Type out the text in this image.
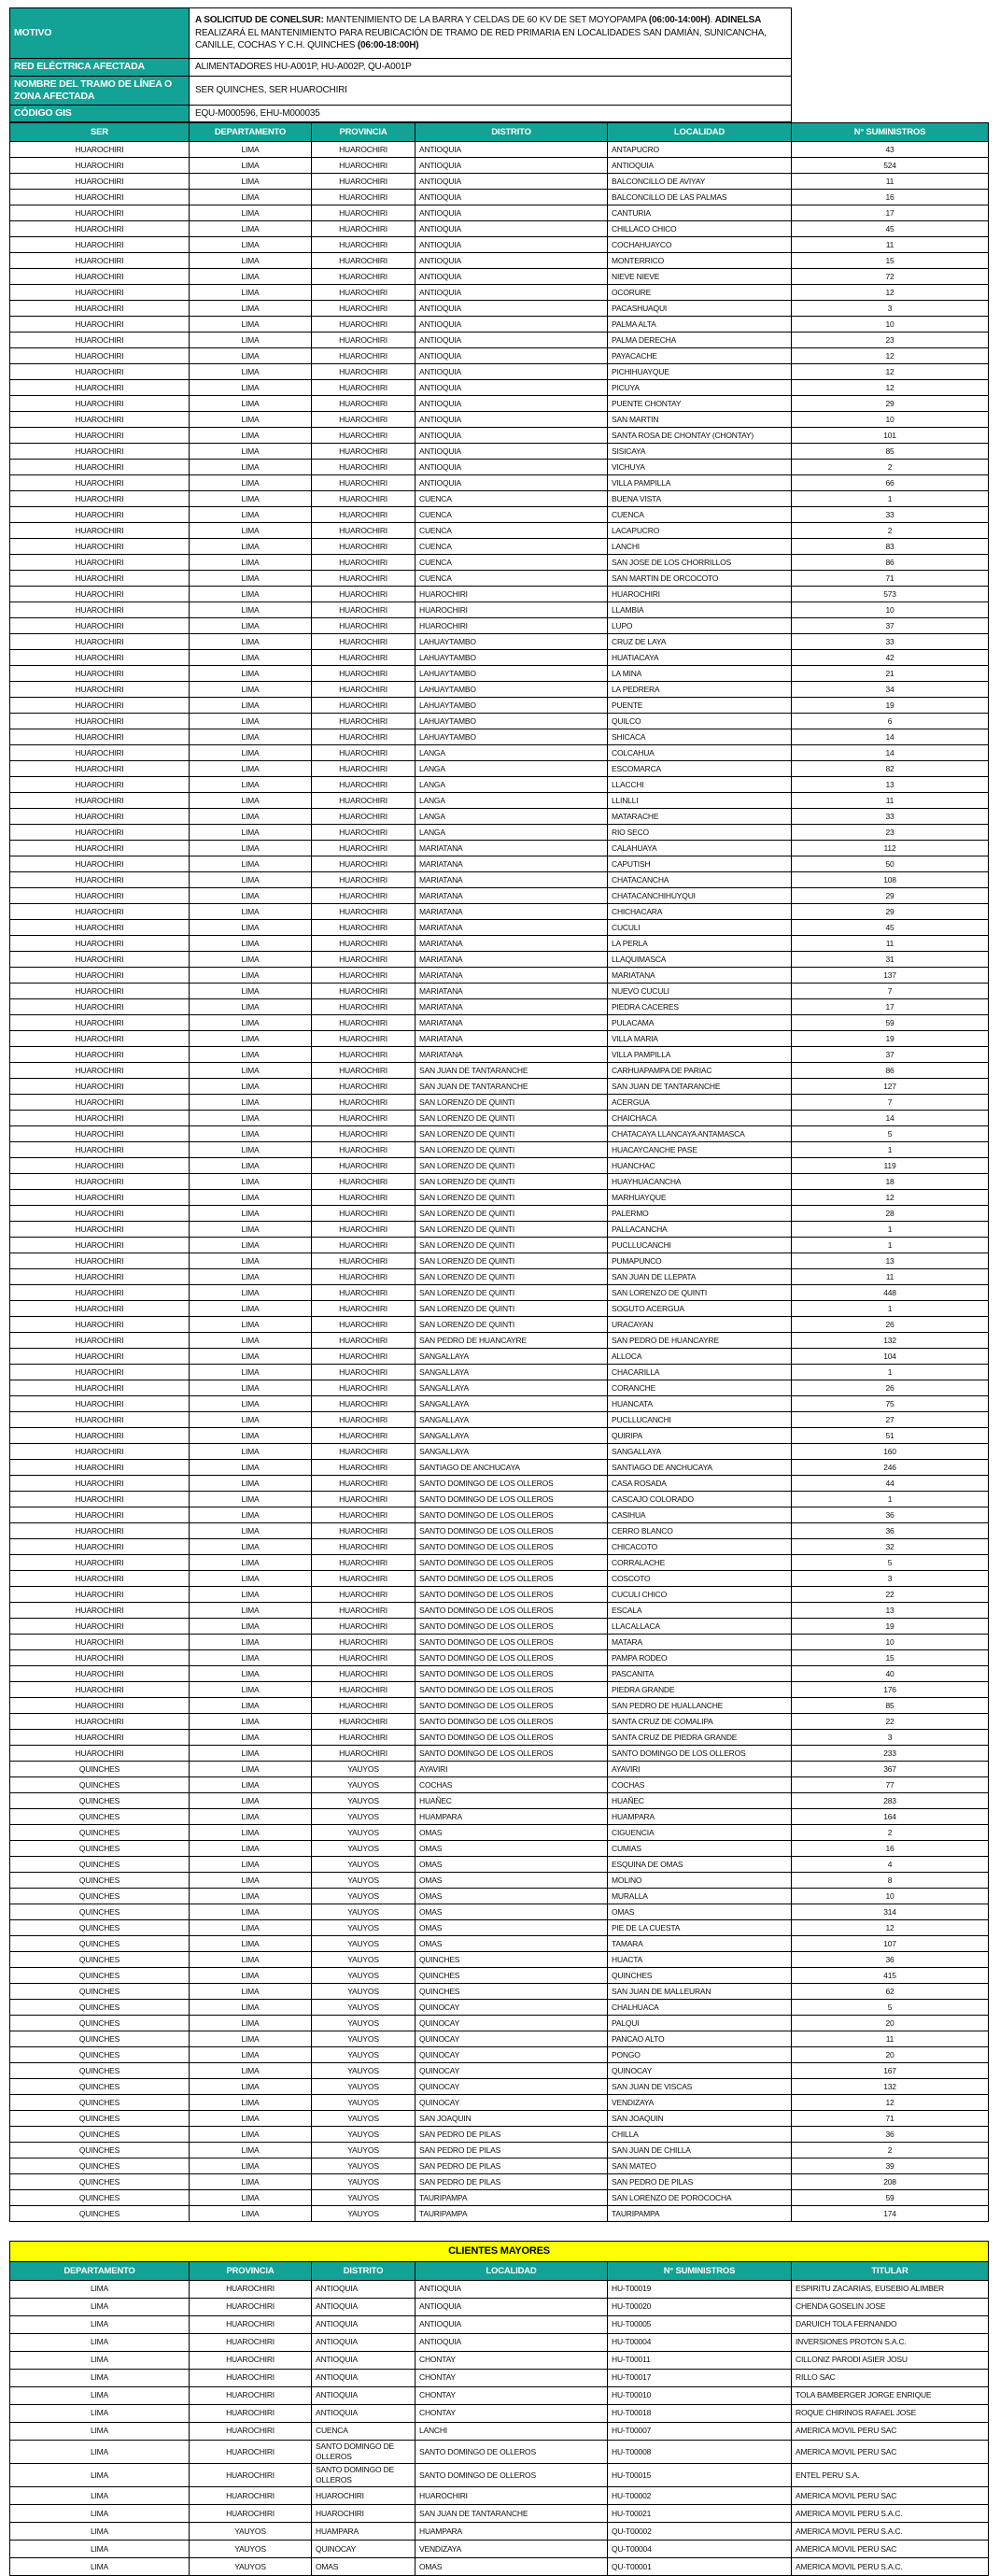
MOTIVO	A SOLICITUD DE CONELSUR: MANTENIMIENTO DE LA BARRA Y CELDAS DE 60 KV DE SET MOYOPAMPA (06:00-14:00H). ADINELSA REALIZARÁ EL MANTENIMIENTO PARA REUBICACIÓN DE TRAMO DE RED PRIMARIA EN LOCALIDADES SAN DAMIÁN, SUNICANCHA, CANILLE, COCHAS Y C.H. QUINCHES (06:00-18:00H)
RED ELÉCTRICA AFECTADA	ALIMENTADORES HU-A001P, HU-A002P, QU-A001P
NOMBRE DEL TRAMO DE LÍNEA O ZONA AFECTADA	SER QUINCHES, SER HUAROCHIRI
CÓDIGO GIS	EQU-M000596, EHU-M000035
SER	DEPARTAMENTO	PROVINCIA	DISTRITO	LOCALIDAD	N° SUMINISTROS
HUAROCHIRI	LIMA	HUAROCHIRI	ANTIOQUIA	ANTAPUCRO	43
HUAROCHIRI	LIMA	HUAROCHIRI	ANTIOQUIA	ANTIOQUIA	524
HUAROCHIRI	LIMA	HUAROCHIRI	ANTIOQUIA	BALCONCILLO DE AVIYAY	11
HUAROCHIRI	LIMA	HUAROCHIRI	ANTIOQUIA	BALCONCILLO DE LAS PALMAS	16
HUAROCHIRI	LIMA	HUAROCHIRI	ANTIOQUIA	CANTURIA	17
HUAROCHIRI	LIMA	HUAROCHIRI	ANTIOQUIA	CHILLACO CHICO	45
HUAROCHIRI	LIMA	HUAROCHIRI	ANTIOQUIA	COCHAHUAYCO	11
HUAROCHIRI	LIMA	HUAROCHIRI	ANTIOQUIA	MONTERRICO	15
HUAROCHIRI	LIMA	HUAROCHIRI	ANTIOQUIA	NIEVE NIEVE	72
HUAROCHIRI	LIMA	HUAROCHIRI	ANTIOQUIA	OCORURE	12
HUAROCHIRI	LIMA	HUAROCHIRI	ANTIOQUIA	PACASHUAQUI	3
HUAROCHIRI	LIMA	HUAROCHIRI	ANTIOQUIA	PALMA ALTA	10
HUAROCHIRI	LIMA	HUAROCHIRI	ANTIOQUIA	PALMA DERECHA	23
HUAROCHIRI	LIMA	HUAROCHIRI	ANTIOQUIA	PAYACACHE	12
HUAROCHIRI	LIMA	HUAROCHIRI	ANTIOQUIA	PICHIHUAYQUE	12
HUAROCHIRI	LIMA	HUAROCHIRI	ANTIOQUIA	PICUYA	12
HUAROCHIRI	LIMA	HUAROCHIRI	ANTIOQUIA	PUENTE CHONTAY	29
HUAROCHIRI	LIMA	HUAROCHIRI	ANTIOQUIA	SAN MARTIN	10
HUAROCHIRI	LIMA	HUAROCHIRI	ANTIOQUIA	SANTA ROSA DE CHONTAY (CHONTAY)	101
HUAROCHIRI	LIMA	HUAROCHIRI	ANTIOQUIA	SISICAYA	85
HUAROCHIRI	LIMA	HUAROCHIRI	ANTIOQUIA	VICHUYA	2
HUAROCHIRI	LIMA	HUAROCHIRI	ANTIOQUIA	VILLA PAMPILLA	66
HUAROCHIRI	LIMA	HUAROCHIRI	CUENCA	BUENA VISTA	1
HUAROCHIRI	LIMA	HUAROCHIRI	CUENCA	CUENCA	33
HUAROCHIRI	LIMA	HUAROCHIRI	CUENCA	LACAPUCRO	2
HUAROCHIRI	LIMA	HUAROCHIRI	CUENCA	LANCHI	83
HUAROCHIRI	LIMA	HUAROCHIRI	CUENCA	SAN JOSE DE LOS CHORRILLOS	86
HUAROCHIRI	LIMA	HUAROCHIRI	CUENCA	SAN MARTIN DE ORCOCOTO	71
HUAROCHIRI	LIMA	HUAROCHIRI	HUAROCHIRI	HUAROCHIRI	573
HUAROCHIRI	LIMA	HUAROCHIRI	HUAROCHIRI	LLAMBIA	10
HUAROCHIRI	LIMA	HUAROCHIRI	HUAROCHIRI	LUPO	37
HUAROCHIRI	LIMA	HUAROCHIRI	LAHUAYTAMBO	CRUZ DE LAYA	33
HUAROCHIRI	LIMA	HUAROCHIRI	LAHUAYTAMBO	HUATIACAYA	42
HUAROCHIRI	LIMA	HUAROCHIRI	LAHUAYTAMBO	LA MINA	21
HUAROCHIRI	LIMA	HUAROCHIRI	LAHUAYTAMBO	LA PEDRERA	34
HUAROCHIRI	LIMA	HUAROCHIRI	LAHUAYTAMBO	PUENTE	19
HUAROCHIRI	LIMA	HUAROCHIRI	LAHUAYTAMBO	QUILCO	6
HUAROCHIRI	LIMA	HUAROCHIRI	LAHUAYTAMBO	SHICACA	14
HUAROCHIRI	LIMA	HUAROCHIRI	LANGA	COLCAHUA	14
HUAROCHIRI	LIMA	HUAROCHIRI	LANGA	ESCOMARCA	82
HUAROCHIRI	LIMA	HUAROCHIRI	LANGA	LLACCHI	13
HUAROCHIRI	LIMA	HUAROCHIRI	LANGA	LLINLLI	11
HUAROCHIRI	LIMA	HUAROCHIRI	LANGA	MATARACHE	33
HUAROCHIRI	LIMA	HUAROCHIRI	LANGA	RIO SECO	23
HUAROCHIRI	LIMA	HUAROCHIRI	MARIATANA	CALAHUAYA	112
HUAROCHIRI	LIMA	HUAROCHIRI	MARIATANA	CAPUTISH	50
HUAROCHIRI	LIMA	HUAROCHIRI	MARIATANA	CHATACANCHA	108
HUAROCHIRI	LIMA	HUAROCHIRI	MARIATANA	CHATACANCHIHUYQUI	29
HUAROCHIRI	LIMA	HUAROCHIRI	MARIATANA	CHICHACARA	29
HUAROCHIRI	LIMA	HUAROCHIRI	MARIATANA	CUCULI	45
HUAROCHIRI	LIMA	HUAROCHIRI	MARIATANA	LA PERLA	11
HUAROCHIRI	LIMA	HUAROCHIRI	MARIATANA	LLAQUIMASCA	31
HUAROCHIRI	LIMA	HUAROCHIRI	MARIATANA	MARIATANA	137
HUAROCHIRI	LIMA	HUAROCHIRI	MARIATANA	NUEVO CUCULI	7
HUAROCHIRI	LIMA	HUAROCHIRI	MARIATANA	PIEDRA CACERES	17
HUAROCHIRI	LIMA	HUAROCHIRI	MARIATANA	PULACAMA	59
HUAROCHIRI	LIMA	HUAROCHIRI	MARIATANA	VILLA MARIA	19
HUAROCHIRI	LIMA	HUAROCHIRI	MARIATANA	VILLA PAMPILLA	37
HUAROCHIRI	LIMA	HUAROCHIRI	SAN JUAN DE TANTARANCHE	CARHUAPAMPA DE PARIAC	86
HUAROCHIRI	LIMA	HUAROCHIRI	SAN JUAN DE TANTARANCHE	SAN JUAN DE TANTARANCHE	127
HUAROCHIRI	LIMA	HUAROCHIRI	SAN LORENZO DE QUINTI	ACERGUA	7
HUAROCHIRI	LIMA	HUAROCHIRI	SAN LORENZO DE QUINTI	CHAICHACA	14
HUAROCHIRI	LIMA	HUAROCHIRI	SAN LORENZO DE QUINTI	CHATACAYA LLANCAYA ANTAMASCA	5
HUAROCHIRI	LIMA	HUAROCHIRI	SAN LORENZO DE QUINTI	HUACAYCANCHE PASE	1
HUAROCHIRI	LIMA	HUAROCHIRI	SAN LORENZO DE QUINTI	HUANCHAC	119
HUAROCHIRI	LIMA	HUAROCHIRI	SAN LORENZO DE QUINTI	HUAYHUACANCHA	18
HUAROCHIRI	LIMA	HUAROCHIRI	SAN LORENZO DE QUINTI	MARHUAYQUE	12
HUAROCHIRI	LIMA	HUAROCHIRI	SAN LORENZO DE QUINTI	PALERMO	28
HUAROCHIRI	LIMA	HUAROCHIRI	SAN LORENZO DE QUINTI	PALLACANCHA	1
HUAROCHIRI	LIMA	HUAROCHIRI	SAN LORENZO DE QUINTI	PUCLLUCANCHI	1
HUAROCHIRI	LIMA	HUAROCHIRI	SAN LORENZO DE QUINTI	PUMAPUNCO	13
HUAROCHIRI	LIMA	HUAROCHIRI	SAN LORENZO DE QUINTI	SAN JUAN DE LLEPATA	11
HUAROCHIRI	LIMA	HUAROCHIRI	SAN LORENZO DE QUINTI	SAN LORENZO DE QUINTI	448
HUAROCHIRI	LIMA	HUAROCHIRI	SAN LORENZO DE QUINTI	SOGUTO ACERGUA	1
HUAROCHIRI	LIMA	HUAROCHIRI	SAN LORENZO DE QUINTI	URACAYAN	26
HUAROCHIRI	LIMA	HUAROCHIRI	SAN PEDRO DE HUANCAYRE	SAN PEDRO DE HUANCAYRE	132
HUAROCHIRI	LIMA	HUAROCHIRI	SANGALLAYA	ALLOCA	104
HUAROCHIRI	LIMA	HUAROCHIRI	SANGALLAYA	CHACARILLA	1
HUAROCHIRI	LIMA	HUAROCHIRI	SANGALLAYA	CORANCHE	26
HUAROCHIRI	LIMA	HUAROCHIRI	SANGALLAYA	HUANCATA	75
HUAROCHIRI	LIMA	HUAROCHIRI	SANGALLAYA	PUCLLUCANCHI	27
HUAROCHIRI	LIMA	HUAROCHIRI	SANGALLAYA	QUIRIPA	51
HUAROCHIRI	LIMA	HUAROCHIRI	SANGALLAYA	SANGALLAYA	160
HUAROCHIRI	LIMA	HUAROCHIRI	SANTIAGO DE ANCHUCAYA	SANTIAGO DE ANCHUCAYA	246
HUAROCHIRI	LIMA	HUAROCHIRI	SANTO DOMINGO DE LOS OLLEROS	CASA ROSADA	44
HUAROCHIRI	LIMA	HUAROCHIRI	SANTO DOMINGO DE LOS OLLEROS	CASCAJO COLORADO	1
HUAROCHIRI	LIMA	HUAROCHIRI	SANTO DOMINGO DE LOS OLLEROS	CASIHUA	36
HUAROCHIRI	LIMA	HUAROCHIRI	SANTO DOMINGO DE LOS OLLEROS	CERRO BLANCO	36
HUAROCHIRI	LIMA	HUAROCHIRI	SANTO DOMINGO DE LOS OLLEROS	CHICACOTO	32
HUAROCHIRI	LIMA	HUAROCHIRI	SANTO DOMINGO DE LOS OLLEROS	CORRALACHE	5
HUAROCHIRI	LIMA	HUAROCHIRI	SANTO DOMINGO DE LOS OLLEROS	COSCOTO	3
HUAROCHIRI	LIMA	HUAROCHIRI	SANTO DOMINGO DE LOS OLLEROS	CUCULI CHICO	22
HUAROCHIRI	LIMA	HUAROCHIRI	SANTO DOMINGO DE LOS OLLEROS	ESCALA	13
HUAROCHIRI	LIMA	HUAROCHIRI	SANTO DOMINGO DE LOS OLLEROS	LLACALLACA	19
HUAROCHIRI	LIMA	HUAROCHIRI	SANTO DOMINGO DE LOS OLLEROS	MATARA	10
HUAROCHIRI	LIMA	HUAROCHIRI	SANTO DOMINGO DE LOS OLLEROS	PAMPA RODEO	15
HUAROCHIRI	LIMA	HUAROCHIRI	SANTO DOMINGO DE LOS OLLEROS	PASCANITA	40
HUAROCHIRI	LIMA	HUAROCHIRI	SANTO DOMINGO DE LOS OLLEROS	PIEDRA GRANDE	176
HUAROCHIRI	LIMA	HUAROCHIRI	SANTO DOMINGO DE LOS OLLEROS	SAN PEDRO DE HUALLANCHE	85
HUAROCHIRI	LIMA	HUAROCHIRI	SANTO DOMINGO DE LOS OLLEROS	SANTA CRUZ DE COMALIPA	22
HUAROCHIRI	LIMA	HUAROCHIRI	SANTO DOMINGO DE LOS OLLEROS	SANTA CRUZ DE PIEDRA GRANDE	3
HUAROCHIRI	LIMA	HUAROCHIRI	SANTO DOMINGO DE LOS OLLEROS	SANTO DOMINGO DE LOS OLLEROS	233
QUINCHES	LIMA	YAUYOS	AYAVIRI	AYAVIRI	367
QUINCHES	LIMA	YAUYOS	COCHAS	COCHAS	77
QUINCHES	LIMA	YAUYOS	HUAÑEC	HUAÑEC	283
QUINCHES	LIMA	YAUYOS	HUAMPARA	HUAMPARA	164
QUINCHES	LIMA	YAUYOS	OMAS	CIGUENCIA	2
QUINCHES	LIMA	YAUYOS	OMAS	CUMIAS	16
QUINCHES	LIMA	YAUYOS	OMAS	ESQUINA DE OMAS	4
QUINCHES	LIMA	YAUYOS	OMAS	MOLINO	8
QUINCHES	LIMA	YAUYOS	OMAS	MURALLA	10
QUINCHES	LIMA	YAUYOS	OMAS	OMAS	314
QUINCHES	LIMA	YAUYOS	OMAS	PIE DE LA CUESTA	12
QUINCHES	LIMA	YAUYOS	OMAS	TAMARA	107
QUINCHES	LIMA	YAUYOS	QUINCHES	HUACTA	36
QUINCHES	LIMA	YAUYOS	QUINCHES	QUINCHES	415
QUINCHES	LIMA	YAUYOS	QUINCHES	SAN JUAN DE MALLEURAN	62
QUINCHES	LIMA	YAUYOS	QUINOCAY	CHALHUACA	5
QUINCHES	LIMA	YAUYOS	QUINOCAY	PALQUI	20
QUINCHES	LIMA	YAUYOS	QUINOCAY	PANCAO ALTO	11
QUINCHES	LIMA	YAUYOS	QUINOCAY	PONGO	20
QUINCHES	LIMA	YAUYOS	QUINOCAY	QUINOCAY	167
QUINCHES	LIMA	YAUYOS	QUINOCAY	SAN JUAN DE VISCAS	132
QUINCHES	LIMA	YAUYOS	QUINOCAY	VENDIZAYA	12
QUINCHES	LIMA	YAUYOS	SAN JOAQUIN	SAN JOAQUIN	71
QUINCHES	LIMA	YAUYOS	SAN PEDRO DE PILAS	CHILLA	36
QUINCHES	LIMA	YAUYOS	SAN PEDRO DE PILAS	SAN JUAN DE CHILLA	2
QUINCHES	LIMA	YAUYOS	SAN PEDRO DE PILAS	SAN MATEO	39
QUINCHES	LIMA	YAUYOS	SAN PEDRO DE PILAS	SAN PEDRO DE PILAS	208
QUINCHES	LIMA	YAUYOS	TAURIPAMPA	SAN LORENZO DE POROCOCHA	59
QUINCHES	LIMA	YAUYOS	TAURIPAMPA	TAURIPAMPA	174
CLIENTES MAYORES					
DEPARTAMENTO	PROVINCIA	DISTRITO	LOCALIDAD	N° SUMINISTROS	TITULAR
LIMA	HUAROCHIRI	ANTIOQUIA	ANTIOQUIA	HU-T00019	ESPIRITU ZACARIAS, EUSEBIO ALIMBER
LIMA	HUAROCHIRI	ANTIOQUIA	ANTIOQUIA	HU-T00020	CHENDA GOSELIN JOSE
LIMA	HUAROCHIRI	ANTIOQUIA	ANTIOQUIA	HU-T00005	DARUICH TOLA FERNANDO
LIMA	HUAROCHIRI	ANTIOQUIA	ANTIOQUIA	HU-T00004	INVERSIONES PROTON S.A.C.
LIMA	HUAROCHIRI	ANTIOQUIA	CHONTAY	HU-T00011	CILLONIZ PARODI ASIER JOSU
LIMA	HUAROCHIRI	ANTIOQUIA	CHONTAY	HU-T00017	RILLO SAC
LIMA	HUAROCHIRI	ANTIOQUIA	CHONTAY	HU-T00010	TOLA BAMBERGER JORGE ENRIQUE
LIMA	HUAROCHIRI	ANTIOQUIA	CHONTAY	HU-T00018	ROQUE CHIRINOS RAFAEL JOSE
LIMA	HUAROCHIRI	CUENCA	LANCHI	HU-T00007	AMERICA MOVIL PERU SAC
LIMA	HUAROCHIRI	SANTO DOMINGO DE OLLEROS	SANTO DOMINGO DE OLLEROS	HU-T00008	AMERICA MOVIL PERU SAC
LIMA	HUAROCHIRI	SANTO DOMINGO DE OLLEROS	SANTO DOMINGO DE OLLEROS	HU-T00015	ENTEL PERU S.A.
LIMA	HUAROCHIRI	HUAROCHIRI	HUAROCHIRI	HU-T00002	AMERICA MOVIL PERU SAC
LIMA	HUAROCHIRI	HUAROCHIRI	SAN JUAN DE TANTARANCHE	HU-T00021	AMERICA MOVIL PERU S.A.C.
LIMA	YAUYOS	HUAMPARA	HUAMPARA	QU-T00002	AMERICA MOVIL PERU S.A.C.
LIMA	YAUYOS	QUINOCAY	VENDIZAYA	QU-T00004	AMERICA MOVIL PERU SAC
LIMA	YAUYOS	OMAS	OMAS	QU-T00001	AMERICA MOVIL PERU S.A.C.
